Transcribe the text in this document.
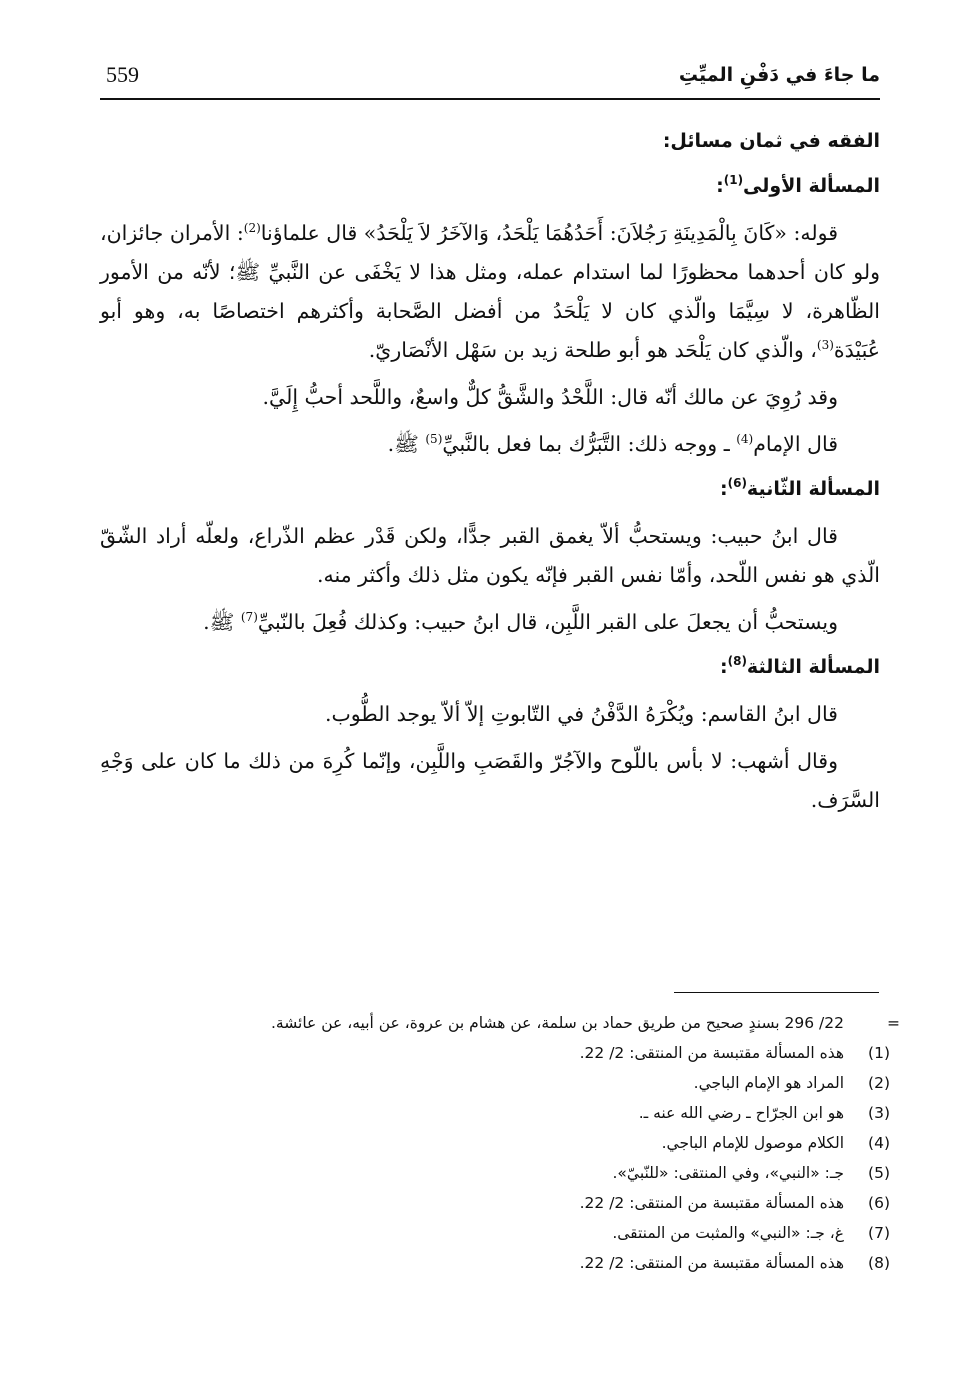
ما جاءَ في دَفْنِ الميِّتِ
559

الفقه في ثمان مسائل:

المسألة الأولى$^{(1)}$:

قوله: «كَانَ بِالْمَدِينَةِ رَجُلاَنَ: أَحَدُهُمَا يَلْحَدُ، وَالآخَرُ لاَ يَلْحَدُ» قال علماؤنا$^{(2)}$: الأمران جائزان، ولو كان أحدهما محظورًا لما استدام عمله، ومثل هذا لا يَخْفَى عن النَّبيِّ ﷺ؛ لأنّه من الأمور الظّاهرة، لا سِيَّمَا والّذي كان لا يَلْحَدُ من أفضل الصَّحابة وأكثرهم اختصاصًا به، وهو أبو عُبَيْدَة$^{(3)}$، والّذي كان يَلْحَد هو أبو طلحة زيد بن سَهْل الأنْصَاريّ.

وقد رُوِيَ عن مالك أنّه قال: اللَّحْدُ والشَّقُّ كلٌّ واسعٌ، واللَّحد أحبُّ إِلَيَّ.

قال الإمام$^{(4)}$ ـ ووجه ذلك: التَّبَرُّك بما فعل بالنَّبيِّ$^{(5)}$ ﷺ.

المسألة الثّانية$^{(6)}$:

قال ابنُ حبيب: ويستحبُّ ألاّ يغمق القبر جدًّا، ولكن قَدْر عظم الذّراع، ولعلّه أراد الشّقّ الّذي هو نفس اللّحد، وأمّا نفس القبر فإنّه يكون مثل ذلك وأكثر منه.

ويستحبُّ أن يجعلَ على القبر اللَّبِن، قال ابنُ حبيب: وكذلك فُعِلَ بالنّبيِّ$^{(7)}$ ﷺ.

المسألة الثالثة$^{(8)}$:

قال ابنُ القاسم: ويُكْرَهُ الدَّفْنُ في التّابوتِ إلاّ ألاّ يوجد الطُّوب.

وقال أشهب: لا بأس باللّوح والآجُرّ والقَصَبِ واللَّبِن، وإنّما كُرِهَ من ذلك ما كان على وَجْهِ السَّرَف.

=
22/ 296 بسندٍ صحيح من طريق حماد بن سلمة، عن هشام بن عروة، عن أبيه، عن عائشة.
(1)
هذه المسألة مقتبسة من المنتقى: 2/ 22.
(2)
المراد هو الإمام الباجي.
(3)
هو ابن الجرّاح ـ رضي الله عنه ـ.
(4)
الكلام موصول للإمام الباجي.
(5)
جـ: «النبي»، وفي المنتقى: «للنّبيّ».
(6)
هذه المسألة مقتبسة من المنتقى: 2/ 22.
(7)
غ، جـ: «النبي» والمثبت من المنتقى.
(8)
هذه المسألة مقتبسة من المنتقى: 2/ 22.
